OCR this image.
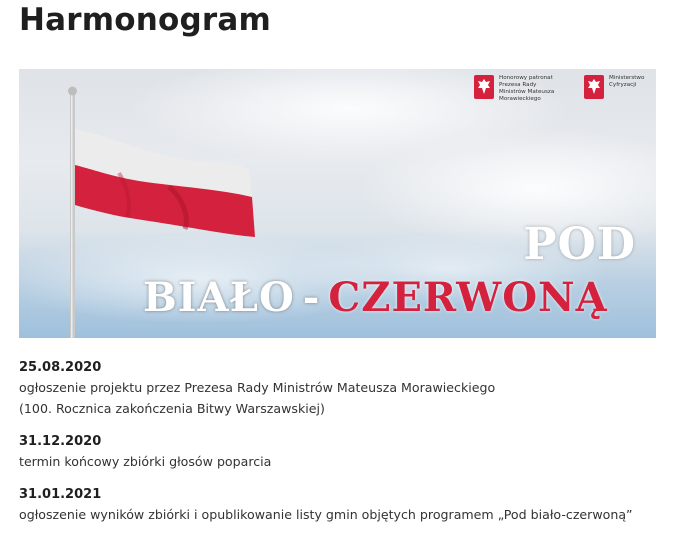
Harmonogram
Honorowy patronat Prezesa Rady Ministrów Mateusza Morawieckiego
Ministerstwo Cyfryzacji
POD
BIAŁO - CZERWONĄ
25.08.2020
ogłoszenie projektu przez Prezesa Rady Ministrów Mateusza Morawieckiego
(100. Rocznica zakończenia Bitwy Warszawskiej)
31.12.2020
termin końcowy zbiórki głosów poparcia
31.01.2021
ogłoszenie wyników zbiórki i opublikowanie listy gmin objętych programem „Pod biało-czerwoną”
